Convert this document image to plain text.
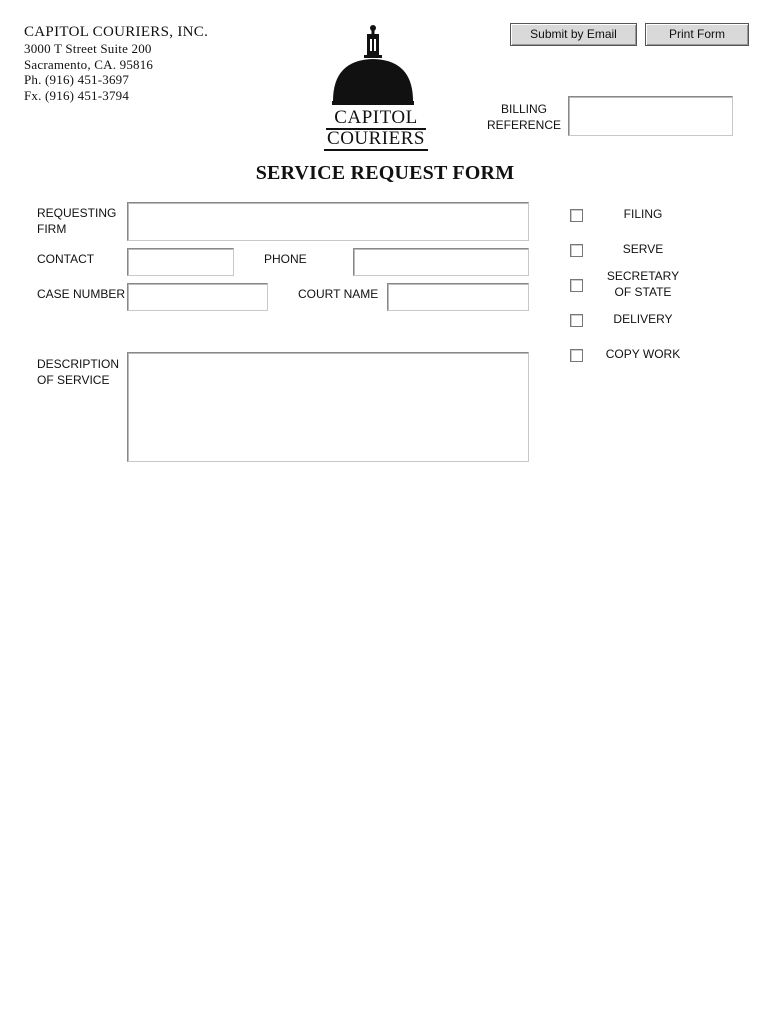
CAPITOL COURIERS, INC.
3000 T Street Suite 200
Sacramento, CA. 95816
Ph. (916) 451-3697
Fx. (916) 451-3794
CAPITOL
COURIERS
Submit by Email	Print Form
BILLING
REFERENCE
SERVICE REQUEST FORM
REQUESTING
FIRM
CONTACT	PHONE
CASE NUMBER	COURT NAME
DESCRIPTION
OF SERVICE
FILING
SERVE
SECRETARY
OF STATE
DELIVERY
COPY WORK
